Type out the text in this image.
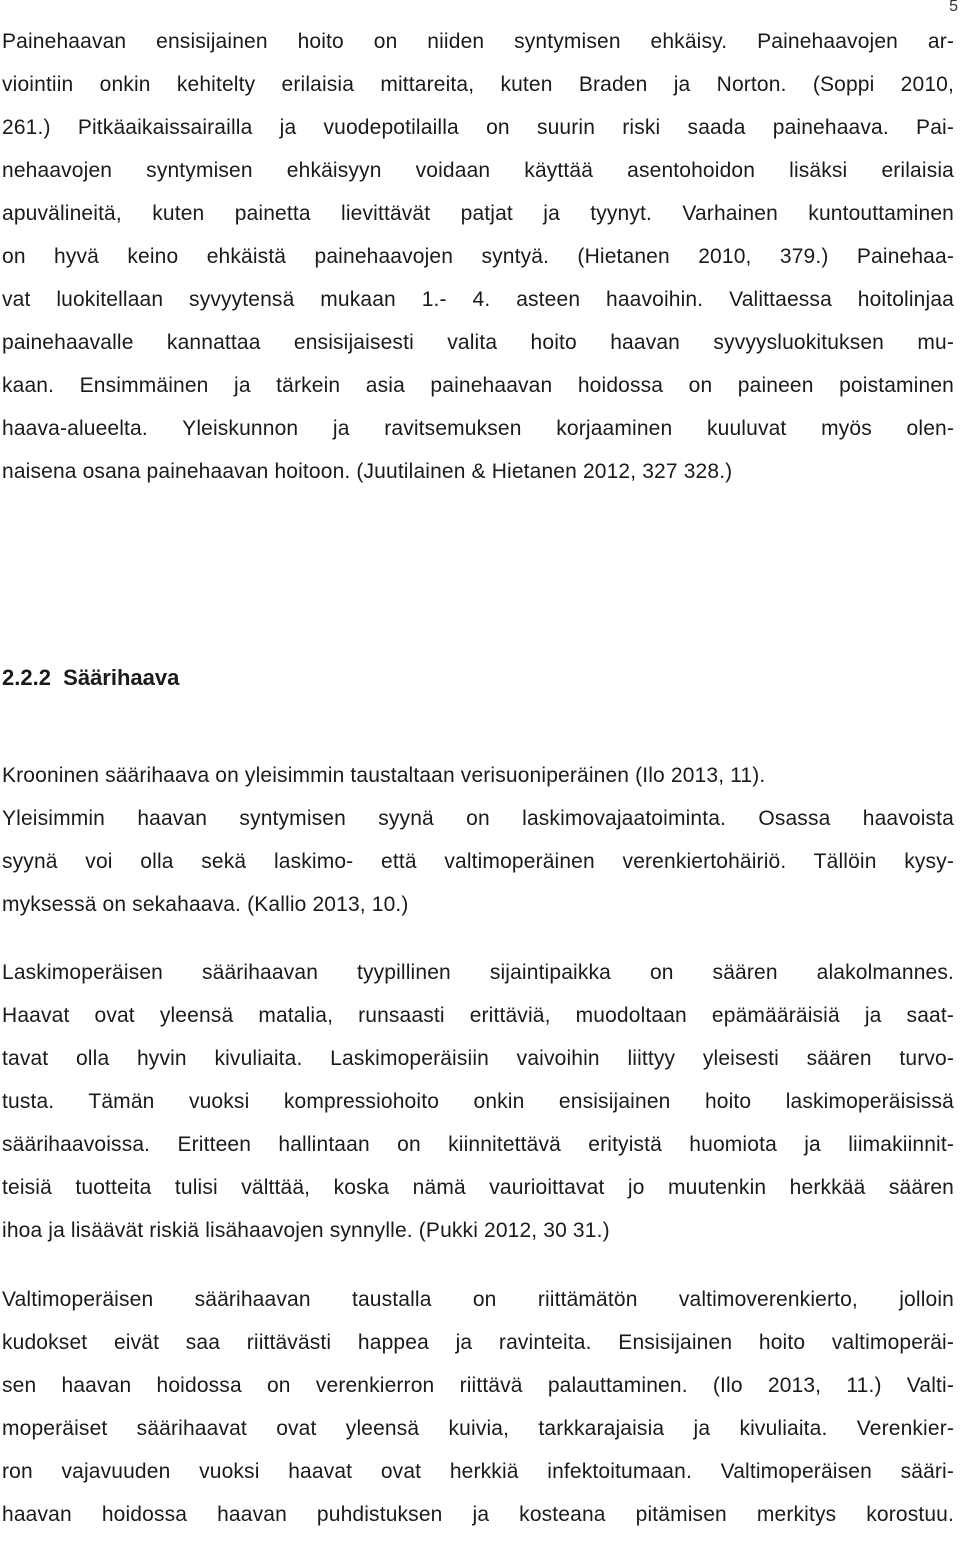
5
Painehaavan ensisijainen hoito on niiden syntymisen ehkäisy. Painehaavojen ar-
viointiin onkin kehitelty erilaisia mittareita, kuten Braden ja Norton. (Soppi 2010,
261.) Pitkäaikaissairailla ja vuodepotilailla on suurin riski saada painehaava. Pai-
nehaavojen syntymisen ehkäisyyn voidaan käyttää asentohoidon lisäksi erilaisia
apuvälineitä, kuten painetta lievittävät patjat ja tyynyt. Varhainen kuntouttaminen
on hyvä keino ehkäistä painehaavojen syntyä. (Hietanen 2010, 379.) Painehaa-
vat luokitellaan syvyytensä mukaan 1.- 4. asteen haavoihin. Valittaessa hoitolinjaa
painehaavalle kannattaa ensisijaisesti valita hoito haavan syvyysluokituksen mu-
kaan. Ensimmäinen ja tärkein asia painehaavan hoidossa on paineen poistaminen
haava-alueelta. Yleiskunnon ja ravitsemuksen korjaaminen kuuluvat myös olen-
naisena osana painehaavan hoitoon. (Juutilainen & Hietanen 2012, 327 328.)
2.2.2  Säärihaava
Krooninen säärihaava on yleisimmin taustaltaan verisuoniperäinen (Ilo 2013, 11).
Yleisimmin haavan syntymisen syynä on laskimovajaatoiminta. Osassa haavoista
syynä voi olla sekä laskimo- että valtimoperäinen verenkiertohäiriö. Tällöin kysy-
myksessä on sekahaava. (Kallio 2013, 10.)
Laskimoperäisen säärihaavan tyypillinen sijaintipaikka on säären alakolmannes.
Haavat ovat yleensä matalia, runsaasti erittäviä, muodoltaan epämääräisiä ja saat-
tavat olla hyvin kivuliaita. Laskimoperäisiin vaivoihin liittyy yleisesti säären turvo-
tusta. Tämän vuoksi kompressiohoito onkin ensisijainen hoito laskimoperäisissä
säärihaavoissa. Eritteen hallintaan on kiinnitettävä erityistä huomiota ja liimakiinnit-
teisiä tuotteita tulisi välttää, koska nämä vaurioittavat jo muutenkin herkkää säären
ihoa ja lisäävät riskiä lisähaavojen synnylle. (Pukki 2012, 30 31.)
Valtimoperäisen säärihaavan taustalla on riittämätön valtimoverenkierto, jolloin
kudokset eivät saa riittävästi happea ja ravinteita. Ensisijainen hoito valtimoperäi-
sen haavan hoidossa on verenkierron riittävä palauttaminen. (Ilo 2013, 11.) Valti-
moperäiset säärihaavat ovat yleensä kuivia, tarkkarajaisia ja kivuliaita. Verenkier-
ron vajavuuden vuoksi haavat ovat herkkiä infektoitumaan. Valtimoperäisen sääri-
haavan hoidossa haavan puhdistuksen ja kosteana pitämisen merkitys korostuu.
